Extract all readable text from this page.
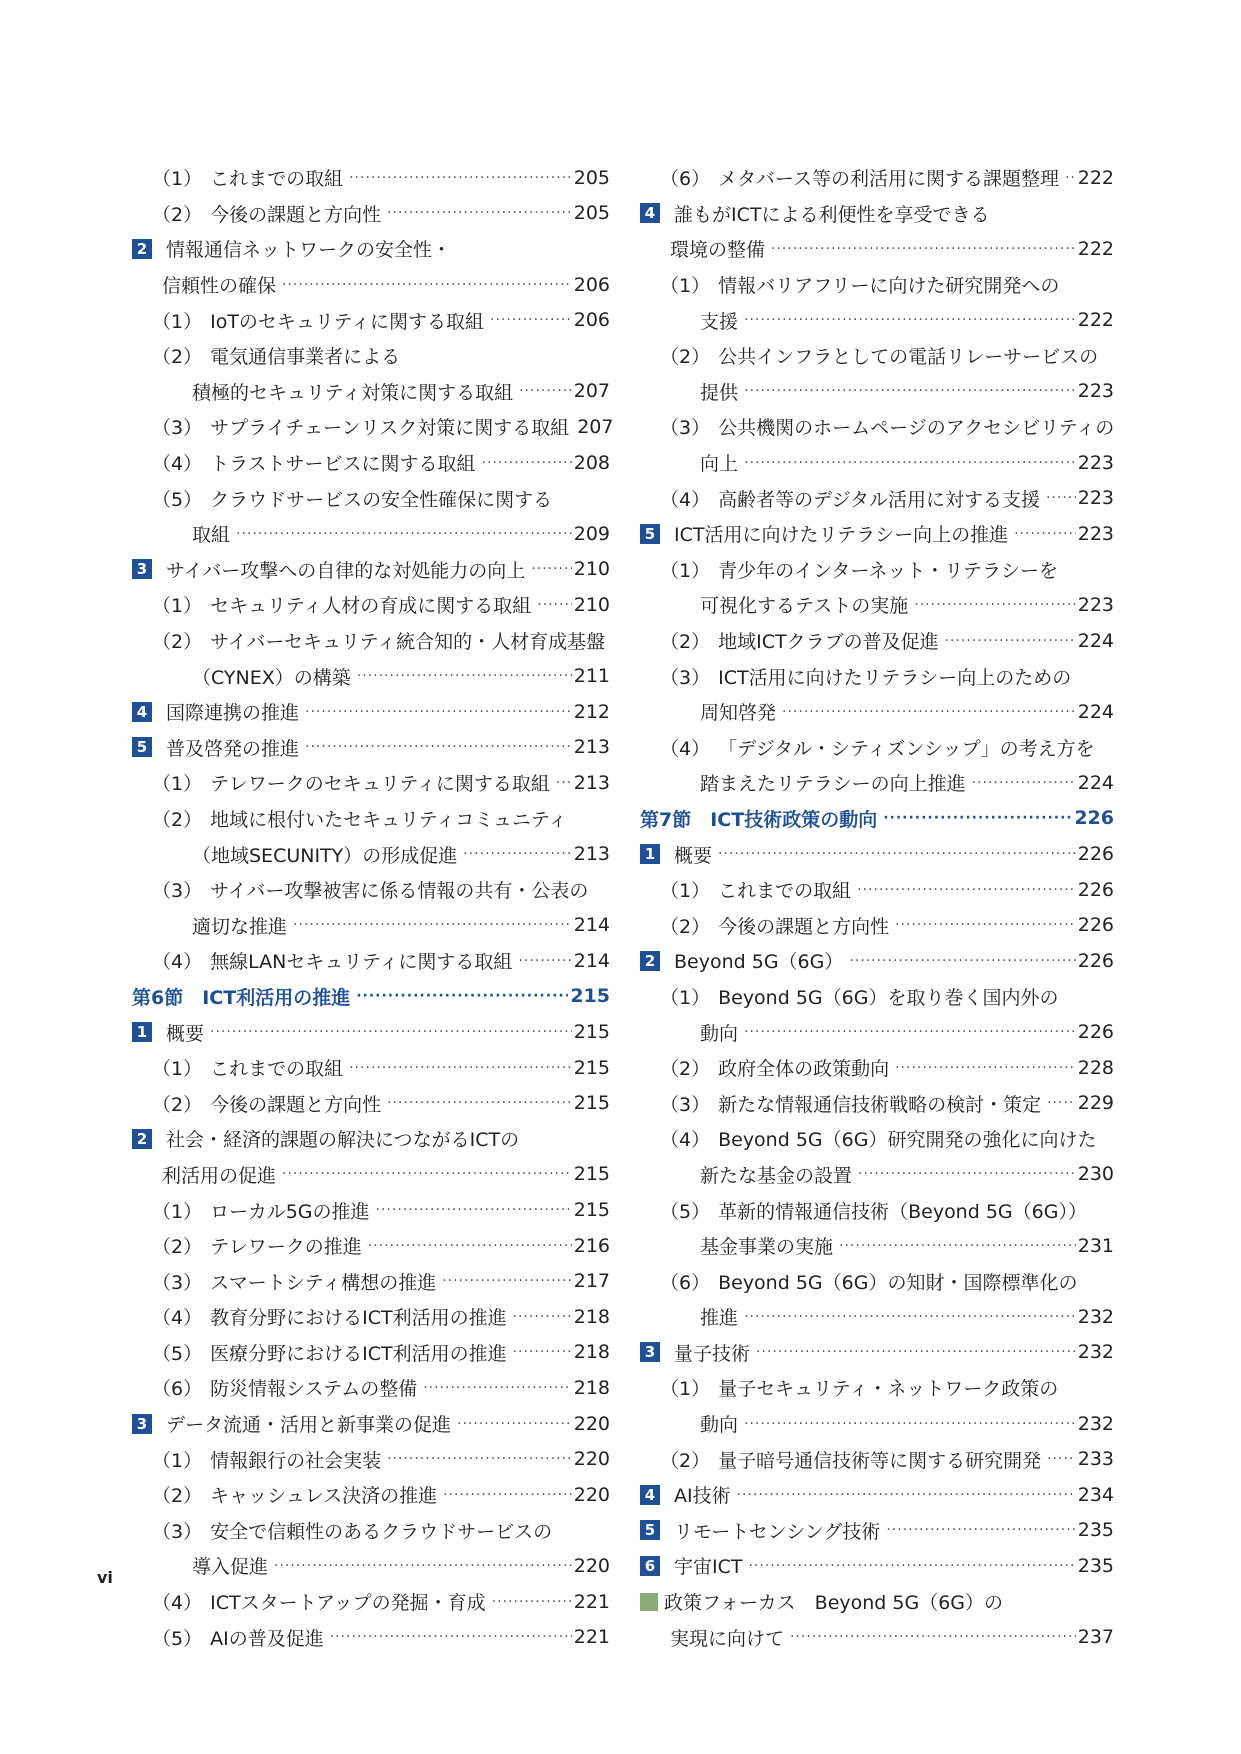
（1） これまでの取組 ·····	205
（2） 今後の課題と方向性 ·····	205
2 情報通信ネットワークの安全性・
信頼性の確保 ·····	206
（1） IoTのセキュリティに関する取組 ·····	206
（2） 電気通信事業者による
積極的セキュリティ対策に関する取組 ·····	207
（3） サプライチェーンリスク対策に関する取組 207
（4） トラストサービスに関する取組 ·····	208
（5） クラウドサービスの安全性確保に関する
取組 ·····	209
3 サイバー攻撃への自律的な対処能力の向上 ·····	210
（1） セキュリティ人材の育成に関する取組 ····· 210
（2） サイバーセキュリティ統合知的・人材育成基盤
（CYNEX）の構築 ·····	211
4 国際連携の推進 ·····	212
5 普及啓発の推進 ·····	213
（1） テレワークのセキュリティに関する取組 ····· 213
（2） 地域に根付いたセキュリティコミュニティ
（地域SECUNITY）の形成促進 ·····	213
（3） サイバー攻撃被害に係る情報の共有・公表の
適切な推進 ·····	214
（4） 無線LANセキュリティに関する取組 ·····	214
第6節　ICT利活用の推進 ·····	215
1 概要 ·····	215
（1） これまでの取組 ·····	215
（2） 今後の課題と方向性 ·····	215
2 社会・経済的課題の解決につながるICTの
利活用の促進 ·····	215
（1） ローカル5Gの推進 ·····	215
（2） テレワークの推進 ·····	216
（3） スマートシティ構想の推進 ·····	217
（4） 教育分野におけるICT利活用の推進 ·····	218
（5） 医療分野におけるICT利活用の推進 ·····	218
（6） 防災情報システムの整備 ·····	218
3 データ流通・活用と新事業の促進 ·····	220
（1） 情報銀行の社会実装 ·····	220
（2） キャッシュレス決済の推進 ·····	220
（3） 安全で信頼性のあるクラウドサービスの
導入促進 ·····	220
（4） ICTスタートアップの発掘・育成 ·····	221
（5） AIの普及促進 ·····	221
（6） メタバース等の利活用に関する課題整理 ····· 222
4 誰もがICTによる利便性を享受できる
環境の整備 ·····	222
（1） 情報バリアフリーに向けた研究開発への
支援 ·····	222
（2） 公共インフラとしての電話リレーサービスの
提供 ·····	223
（3） 公共機関のホームページのアクセシビリティの
向上 ·····	223
（4） 高齢者等のデジタル活用に対する支援 ····· 223
5 ICT活用に向けたリテラシー向上の推進 ·····	223
（1） 青少年のインターネット・リテラシーを
可視化するテストの実施 ·····	223
（2） 地域ICTクラブの普及促進 ·····	224
（3） ICT活用に向けたリテラシー向上のための
周知啓発 ·····	224
（4） 「デジタル・シティズンシップ」の考え方を
踏まえたリテラシーの向上推進 ·····	224
第7節　ICT技術政策の動向 ·····	226
1 概要 ·····	226
（1） これまでの取組 ·····	226
（2） 今後の課題と方向性 ·····	226
2 Beyond 5G（6G） ·····	226
（1） Beyond 5G（6G）を取り巻く国内外の
動向 ·····	226
（2） 政府全体の政策動向 ·····	228
（3） 新たな情報通信技術戦略の検討・策定 ····· 229
（4） Beyond 5G（6G）研究開発の強化に向けた
新たな基金の設置 ·····	230
（5） 革新的情報通信技術（Beyond 5G（6G））
基金事業の実施 ·····	231
（6） Beyond 5G（6G）の知財・国際標準化の
推進 ·····	232
3 量子技術 ·····	232
（1） 量子セキュリティ・ネットワーク政策の
動向 ·····	232
（2） 量子暗号通信技術等に関する研究開発 ····· 233
4 AI技術 ·····	234
5 リモートセンシング技術 ·····	235
6 宇宙ICT ·····	235
政策フォーカス　Beyond 5G（6G）の
実現に向けて ·····	237
vi
